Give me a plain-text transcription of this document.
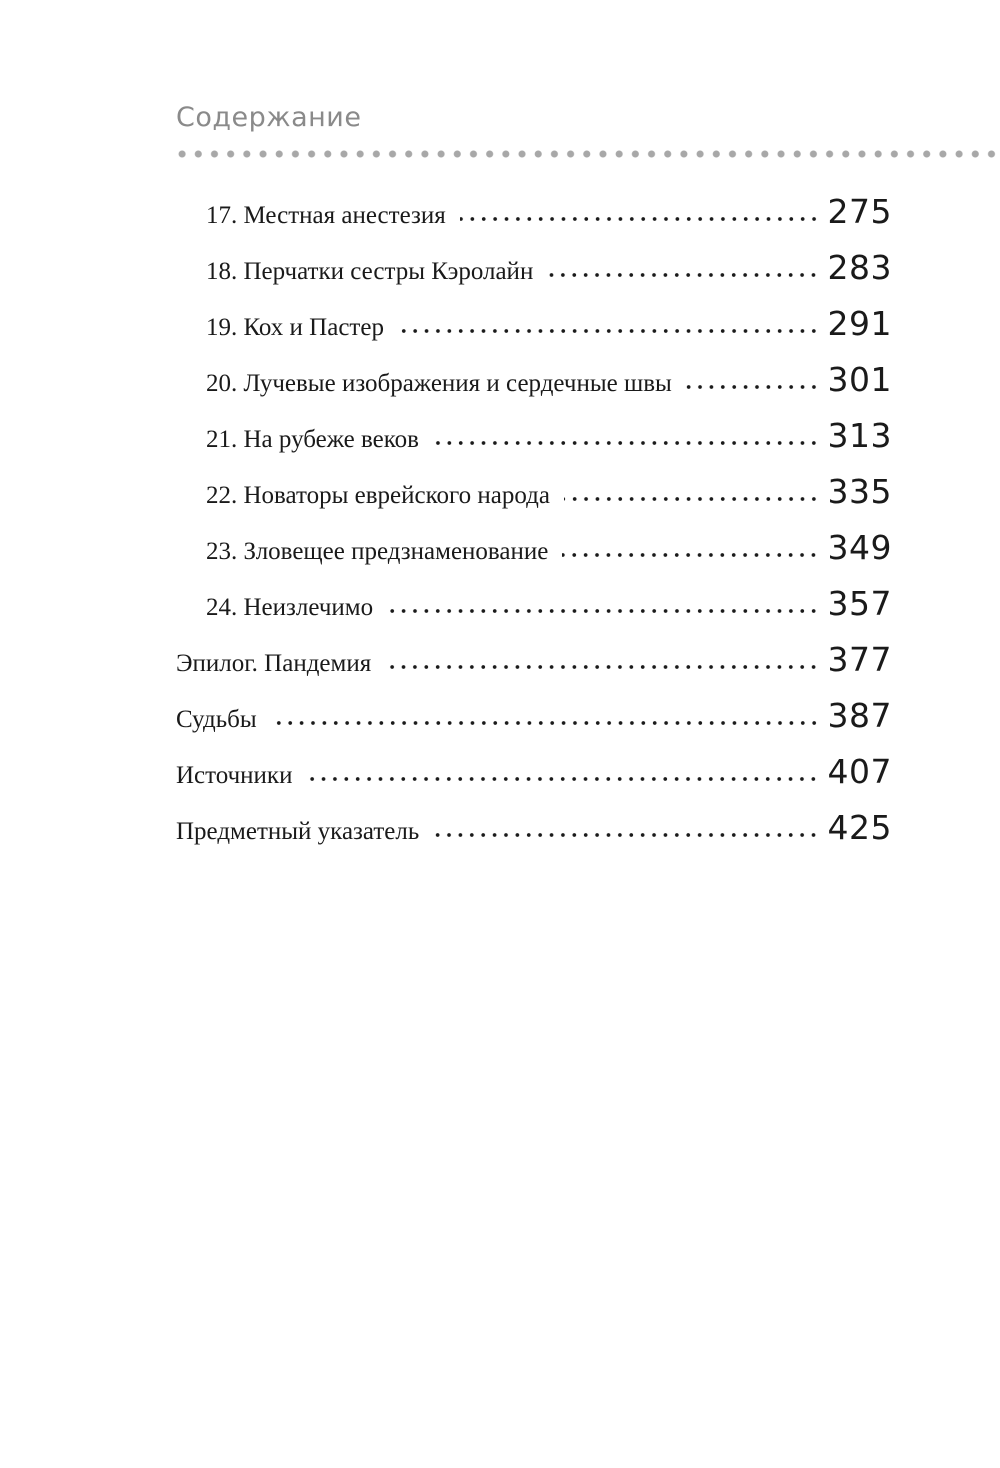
Содержание
17. Местная анестезия	275
18. Перчатки сестры Кэролайн	283
19. Кох и Пастер	291
20. Лучевые изображения и сердечные швы	301
21. На рубеже веков	313
22. Новаторы еврейского народа	335
23. Зловещее предзнаменование	349
24. Неизлечимо	357
Эпилог. Пандемия	377
Судьбы	387
Источники	407
Предметный указатель	425
